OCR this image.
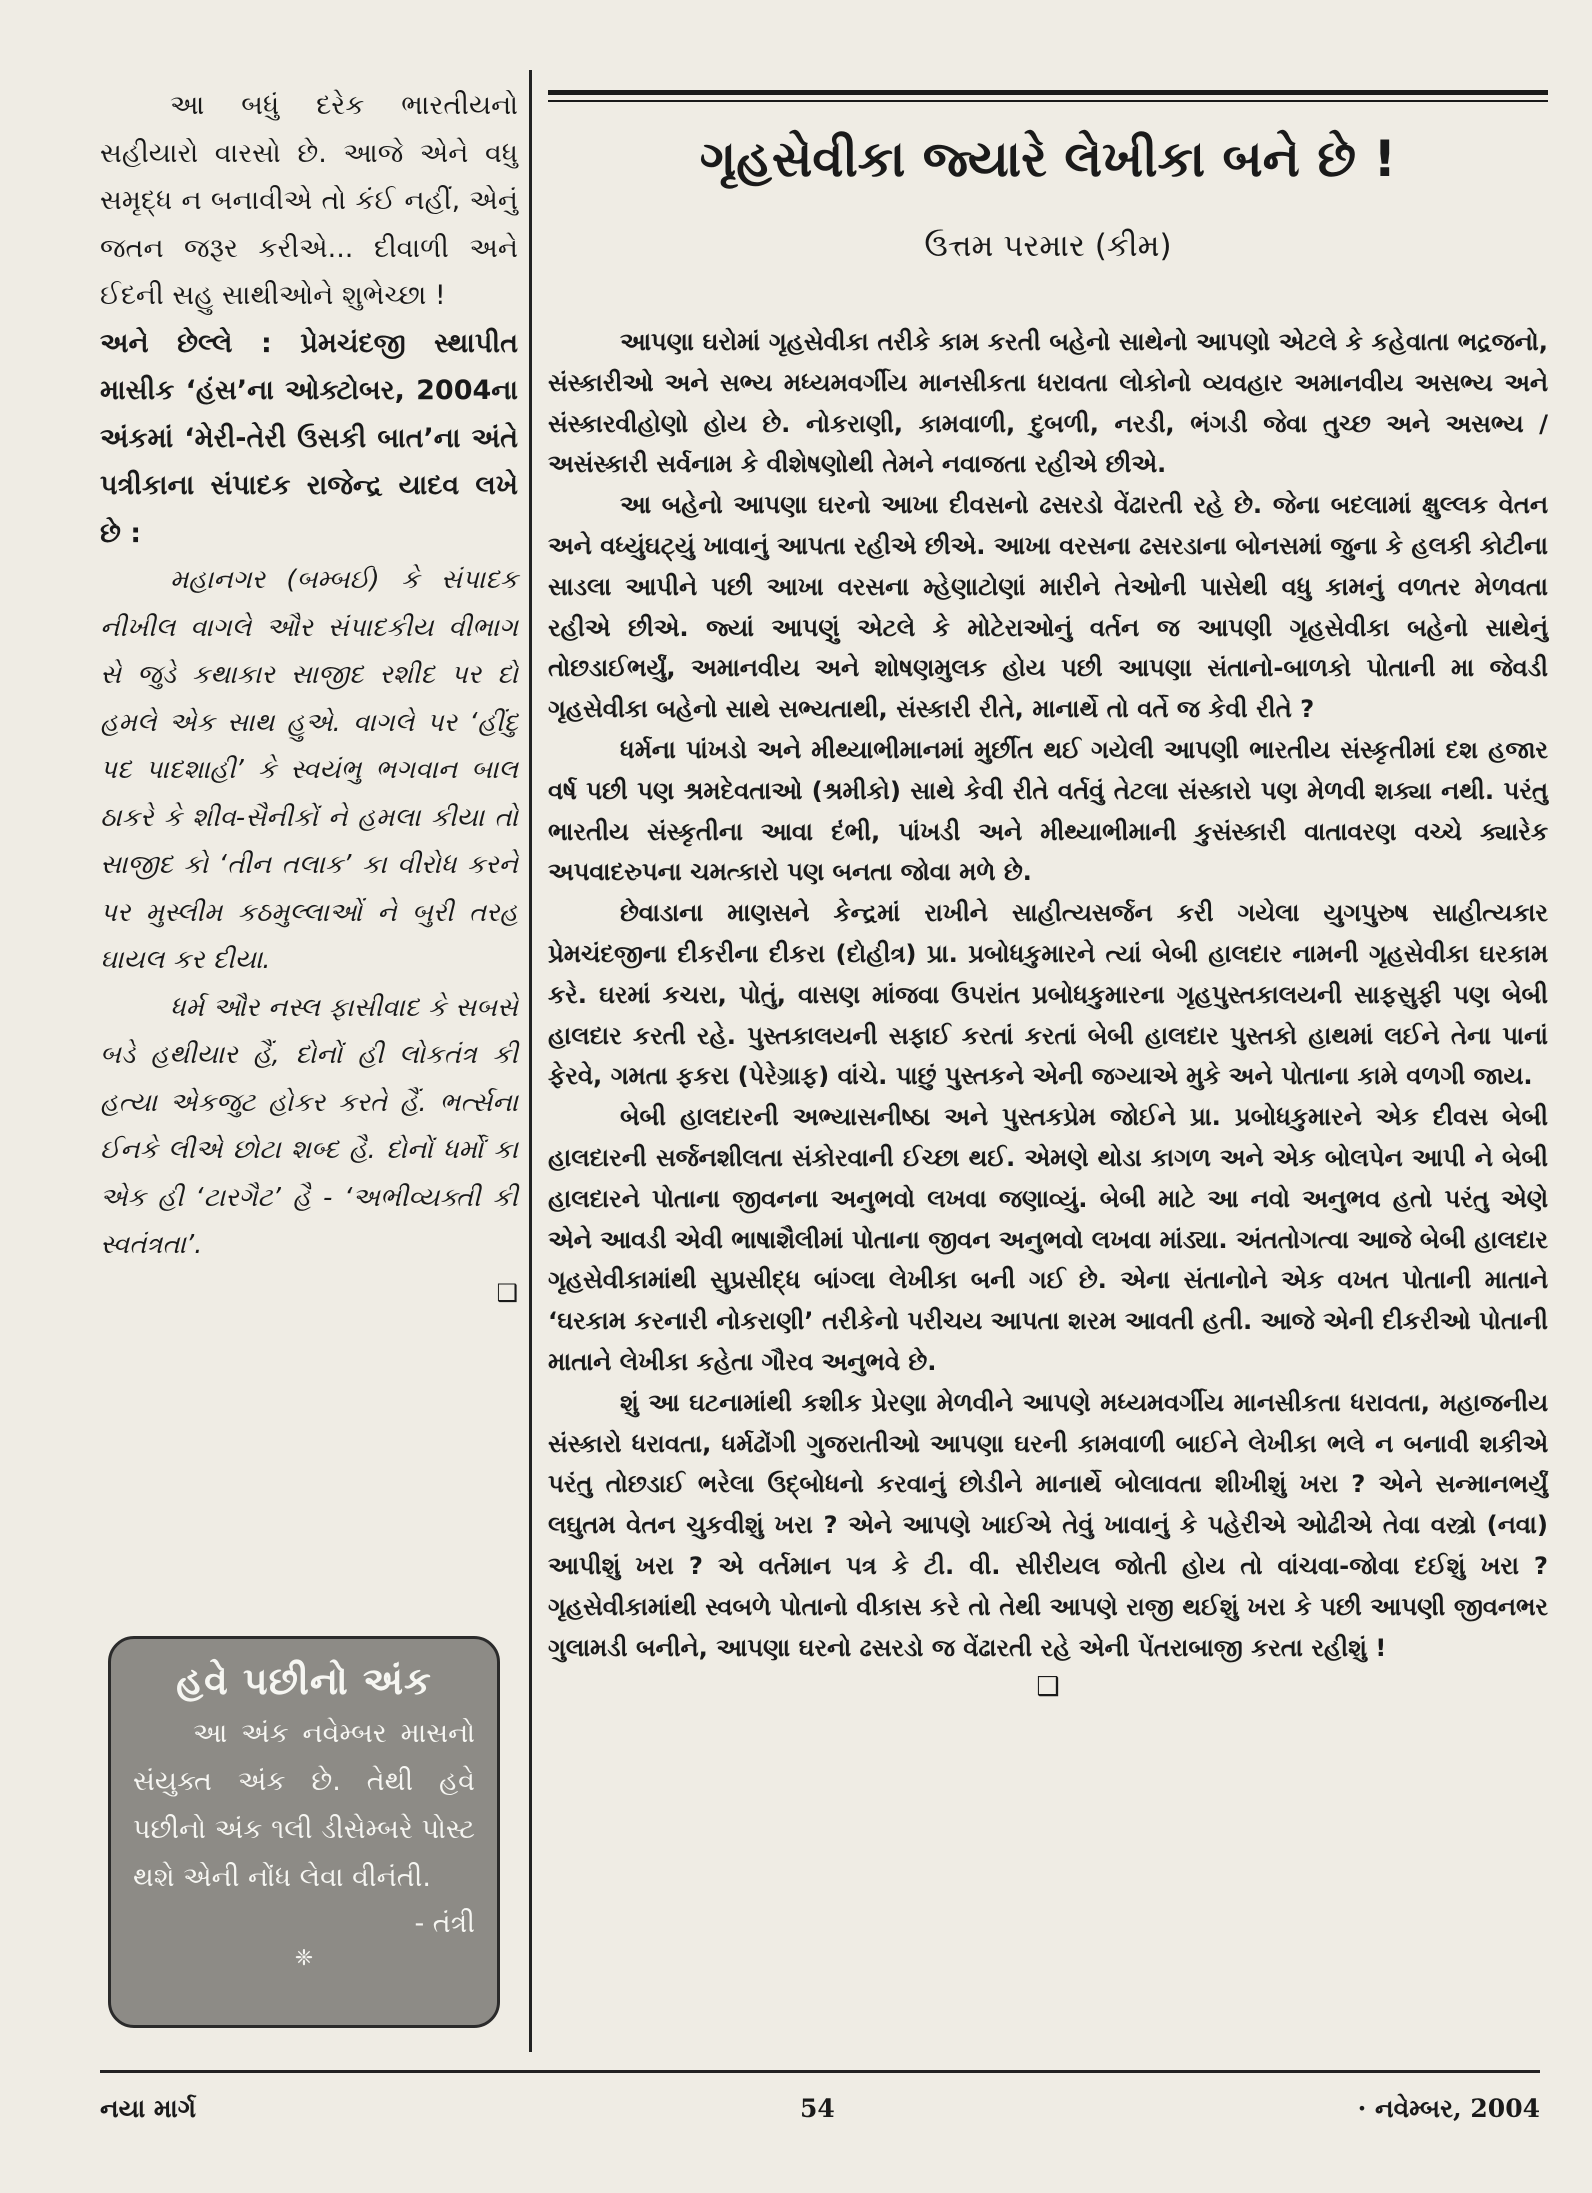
આ બધું દરેક ભારતીયનો સહીયારો વારસો છે. આજે એને વધુ સમૃદ્ધ ન બનાવીએ તો કંઈ નહીં, એનું જતન જરૂર કરીએ... દીવાળી અને ઈદની સહુ સાથીઓને શુભેચ્છા !

અને છેલ્લે : પ્રેમચંદજી સ્થાપીત માસીક ‘હંસ’ના ઓક્ટોબર, 2004ના અંકમાં ‘મેરી-તેરી ઉસકી બાત’ના અંતે પત્રીકાના સંપાદક રાજેન્દ્ર યાદવ લખે છે :

મહાનગર (બમ્બઈ) કે સંપાદક નીખીલ વાગલે ઔર સંપાદકીય વીભાગ સે જુડે કથાકાર સાજીદ રશીદ પર દો હમલે એક સાથ હુએ. વાગલે પર ‘હીંદુ પદ પાદશાહી’ કે સ્વયંભુ ભગવાન બાલ ઠાકરે કે શીવ-સૈનીકોં ને હમલા કીયા તો સાજીદ કો ‘તીન તલાક’ કા વીરોધ કરને પર મુસ્લીમ કઠમુલ્લાઓં ને બુરી તરહ ઘાયલ કર દીયા.

ધર્મ ઔર નસ્લ ફાસીવાદ કે સબસે બડે હથીયાર હૈં, દોનોં હી લોકતંત્ર કી હત્યા એકજુટ હોકર કરતે હૈં. ભર્ત્સના ઈનકે લીએ છોટા શબ્દ હૈ. દોનોં ધર્મોં કા એક હી ‘ટારગૈટ’ હૈ - ‘અભીવ્યક્તી કી સ્વતંત્રતા’.

❑

હવે પછીનો અંક

આ અંક નવેમ્બર માસનો સંયુક્ત અંક છે. તેથી હવે પછીનો અંક ૧લી ડીસેમ્બરે પોસ્ટ થશે એની નોંધ લેવા વીનંતી.

- તંત્રી

❈

ગૃહસેવીકા જ્યારે લેખીકા બને છે !
ઉત્તમ પરમાર (કીમ)

આપણા ઘરોમાં ગૃહસેવીકા તરીકે કામ કરતી બહેનો સાથેનો આપણો એટલે કે કહેવાતા ભદ્રજનો, સંસ્કારીઓ અને સભ્ય મધ્યમવર્ગીય માનસીકતા ધરાવતા લોકોનો વ્યવહાર અમાનવીય અસભ્ય અને સંસ્કારવીહોણો હોય છે. નોકરાણી, કામવાળી, દુબળી, નરડી, ભંગડી જેવા તુચ્છ અને અસભ્ય / અસંસ્કારી સર્વનામ કે વીશેષણોથી તેમને નવાજતા રહીએ છીએ.

આ બહેનો આપણા ઘરનો આખા દીવસનો ઢસરડો વેંઢારતી રહે છે. જેના બદલામાં ક્ષુલ્લક વેતન અને વધ્યુંઘટ્યું ખાવાનું આપતા રહીએ છીએ. આખા વરસના ઢસરડાના બોનસમાં જુના કે હલકી કોટીના સાડલા આપીને પછી આખા વરસના મ્હેણાટોણાં મારીને તેઓની પાસેથી વધુ કામનું વળતર મેળવતા રહીએ છીએ. જ્યાં આપણું એટલે કે મોટેરાઓનું વર્તન જ આપણી ગૃહસેવીકા બહેનો સાથેનું તોછડાઈભર્યું, અમાનવીય અને શોષણમુલક હોય પછી આપણા સંતાનો-બાળકો પોતાની મા જેવડી ગૃહસેવીકા બહેનો સાથે સભ્યતાથી, સંસ્કારી રીતે, માનાર્થે તો વર્તે જ કેવી રીતે ?

ધર્મના પાંખડો અને મીથ્યાભીમાનમાં મુર્છીત થઈ ગયેલી આપણી ભારતીય સંસ્કૃતીમાં દશ હજાર વર્ષ પછી પણ શ્રમદેવતાઓ (શ્રમીકો) સાથે કેવી રીતે વર્તવું તેટલા સંસ્કારો પણ મેળવી શક્યા નથી. પરંતુ ભારતીય સંસ્કૃતીના આવા દંભી, પાંખડી અને મીથ્યાભીમાની કુસંસ્કારી વાતાવરણ વચ્ચે ક્યારેક અપવાદરુપના ચમત્કારો પણ બનતા જોવા મળે છે.

છેવાડાના માણસને કેન્દ્રમાં રાખીને સાહીત્યસર્જન કરી ગયેલા યુગપુરુષ સાહીત્યકાર પ્રેમચંદજીના દીકરીના દીકરા (દોહીત્ર) પ્રા. પ્રબોધકુમારને ત્યાં બેબી હાલદાર નામની ગૃહસેવીકા ઘરકામ કરે. ઘરમાં કચરા, પોતું, વાસણ માંજવા ઉપરાંત પ્રબોધકુમારના ગૃહપુસ્તકાલયની સાફસુફી પણ બેબી હાલદાર કરતી રહે. પુસ્તકાલયની સફાઈ કરતાં કરતાં બેબી હાલદાર પુસ્તકો હાથમાં લઈને તેના પાનાં ફેરવે, ગમતા ફકરા (પેરેગ્રાફ) વાંચે. પાછું પુસ્તકને એની જગ્યાએ મુકે અને પોતાના કામે વળગી જાય.

બેબી હાલદારની અભ્યાસનીષ્ઠા અને પુસ્તકપ્રેમ જોઈને પ્રા. પ્રબોધકુમારને એક દીવસ બેબી હાલદારની સર્જનશીલતા સંકોરવાની ઈચ્છા થઈ. એમણે થોડા કાગળ અને એક બોલપેન આપી ને બેબી હાલદારને પોતાના જીવનના અનુભવો લખવા જણાવ્યું. બેબી માટે આ નવો અનુભવ હતો પરંતુ એણે એને આવડી એવી ભાષાશૈલીમાં પોતાના જીવન અનુભવો લખવા માંડ્યા. અંતતોગત્વા આજે બેબી હાલદાર ગૃહસેવીકામાંથી સુપ્રસીદ્ધ બાંગ્લા લેખીકા બની ગઈ છે. એના સંતાનોને એક વખત પોતાની માતાને ‘ઘરકામ કરનારી નોકરાણી’ તરીકેનો પરીચય આપતા શરમ આવતી હતી. આજે એની દીકરીઓ પોતાની માતાને લેખીકા કહેતા ગૌરવ અનુભવે છે.

શું આ ઘટનામાંથી કશીક પ્રેરણા મેળવીને આપણે મધ્યમવર્ગીય માનસીકતા ધરાવતા, મહાજનીય સંસ્કારો ધરાવતા, ધર્મઢોંગી ગુજરાતીઓ આપણા ઘરની કામવાળી બાઈને લેખીકા ભલે ન બનાવી શકીએ પરંતુ તોછડાઈ ભરેલા ઉદ્બોધનો કરવાનું છોડીને માનાર્થે બોલાવતા શીખીશું ખરા ? એને સન્માનભર્યું લઘુતમ વેતન ચુકવીશું ખરા ? એને આપણે ખાઈએ તેવું ખાવાનું કે પહેરીએ ઓઢીએ તેવા વસ્ત્રો (નવા) આપીશું ખરા ? એ વર્તમાન પત્ર કે ટી. વી. સીરીયલ જોતી હોય તો વાંચવા-જોવા દઈશું ખરા ? ગૃહસેવીકામાંથી સ્વબળે પોતાનો વીકાસ કરે તો તેથી આપણે રાજી થઈશું ખરા કે પછી આપણી જીવનભર ગુલામડી બનીને, આપણા ઘરનો ઢસરડો જ વેંઢારતી રહે એની પેંતરાબાજી કરતા રહીશું !

❑

નયા માર્ગ	54	· નવેમ્બર, 2004
